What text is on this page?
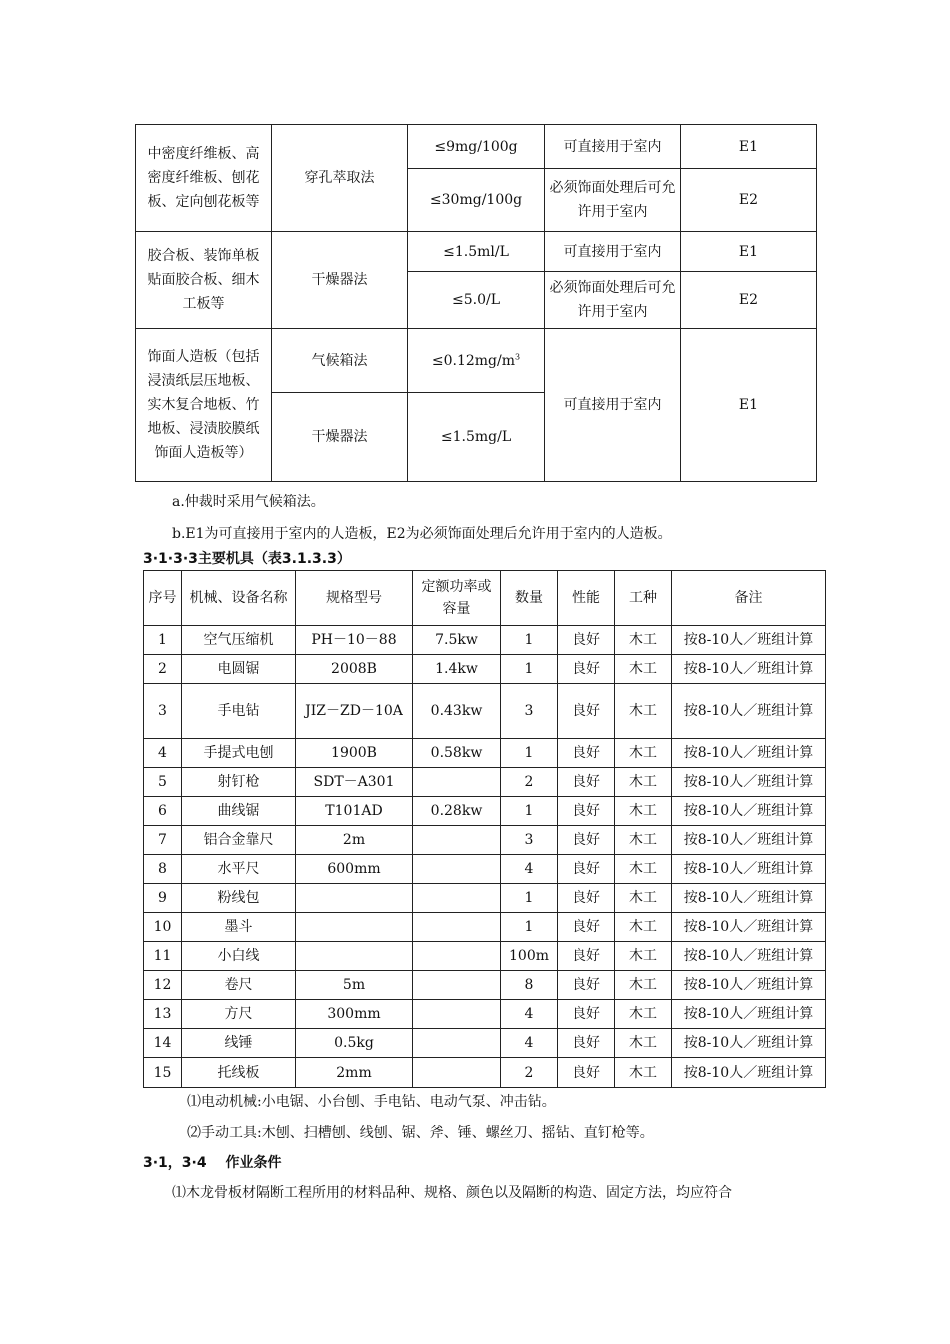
中密度纤维板、高密度纤维板、刨花板、定向刨花板等	穿孔萃取法	≤9mg/100g	可直接用于室内	E1
		≤30mg/100g	必须饰面处理后可允许用于室内	E2
胶合板、装饰单板贴面胶合板、细木工板等	干燥器法	≤1.5ml/L	可直接用于室内	E1
		≤5.0/L	必须饰面处理后可允许用于室内	E2
饰面人造板（包括浸渍纸层压地板、实木复合地板、竹地板、浸渍胶膜纸饰面人造板等）	气候箱法	$\le 0.12mg/m^3$	可直接用于室内	E1
	干燥器法	≤1.5mg/L		
a.仲裁时采用气候箱法。
b.E1为可直接用于室内的人造板，E2为必须饰面处理后允许用于室内的人造板。
3·1·3·3主要机具（表3.1.3.3）
序号	机械、设备名称	规格型号	定额功率或容量	数量	性能	工种	备注
1	空气压缩机	PH－10－88	7.5kw	1	良好	木工	按8-10人／班组计算
2	电圆锯	2008B	1.4kw	1	良好	木工	按8-10人／班组计算
3	手电钻	JIZ－ZD－10A	0.43kw	3	良好	木工	按8-10人／班组计算
4	手提式电刨	1900B	0.58kw	1	良好	木工	按8-10人／班组计算
5	射钉枪	SDT－A301		2	良好	木工	按8-10人／班组计算
6	曲线锯	T101AD	0.28kw	1	良好	木工	按8-10人／班组计算
7	铝合金靠尺	2m		3	良好	木工	按8-10人／班组计算
8	水平尺	600mm		4	良好	木工	按8-10人／班组计算
9	粉线包			1	良好	木工	按8-10人／班组计算
10	墨斗			1	良好	木工	按8-10人／班组计算
11	小白线			100m	良好	木工	按8-10人／班组计算
12	卷尺	5m		8	良好	木工	按8-10人／班组计算
13	方尺	300mm		4	良好	木工	按8-10人／班组计算
14	线锤	0.5kg		4	良好	木工	按8-10人／班组计算
15	托线板	2mm		2	良好	木工	按8-10人／班组计算
⑴电动机械:小电锯、小台刨、手电钻、电动气泵、冲击钻。
⑵手动工具:木刨、扫槽刨、线刨、锯、斧、锤、螺丝刀、摇钻、直钉枪等。
3·1，3·4　 作业条件
⑴木龙骨板材隔断工程所用的材料品种、规格、颜色以及隔断的构造、固定方法，均应符合
